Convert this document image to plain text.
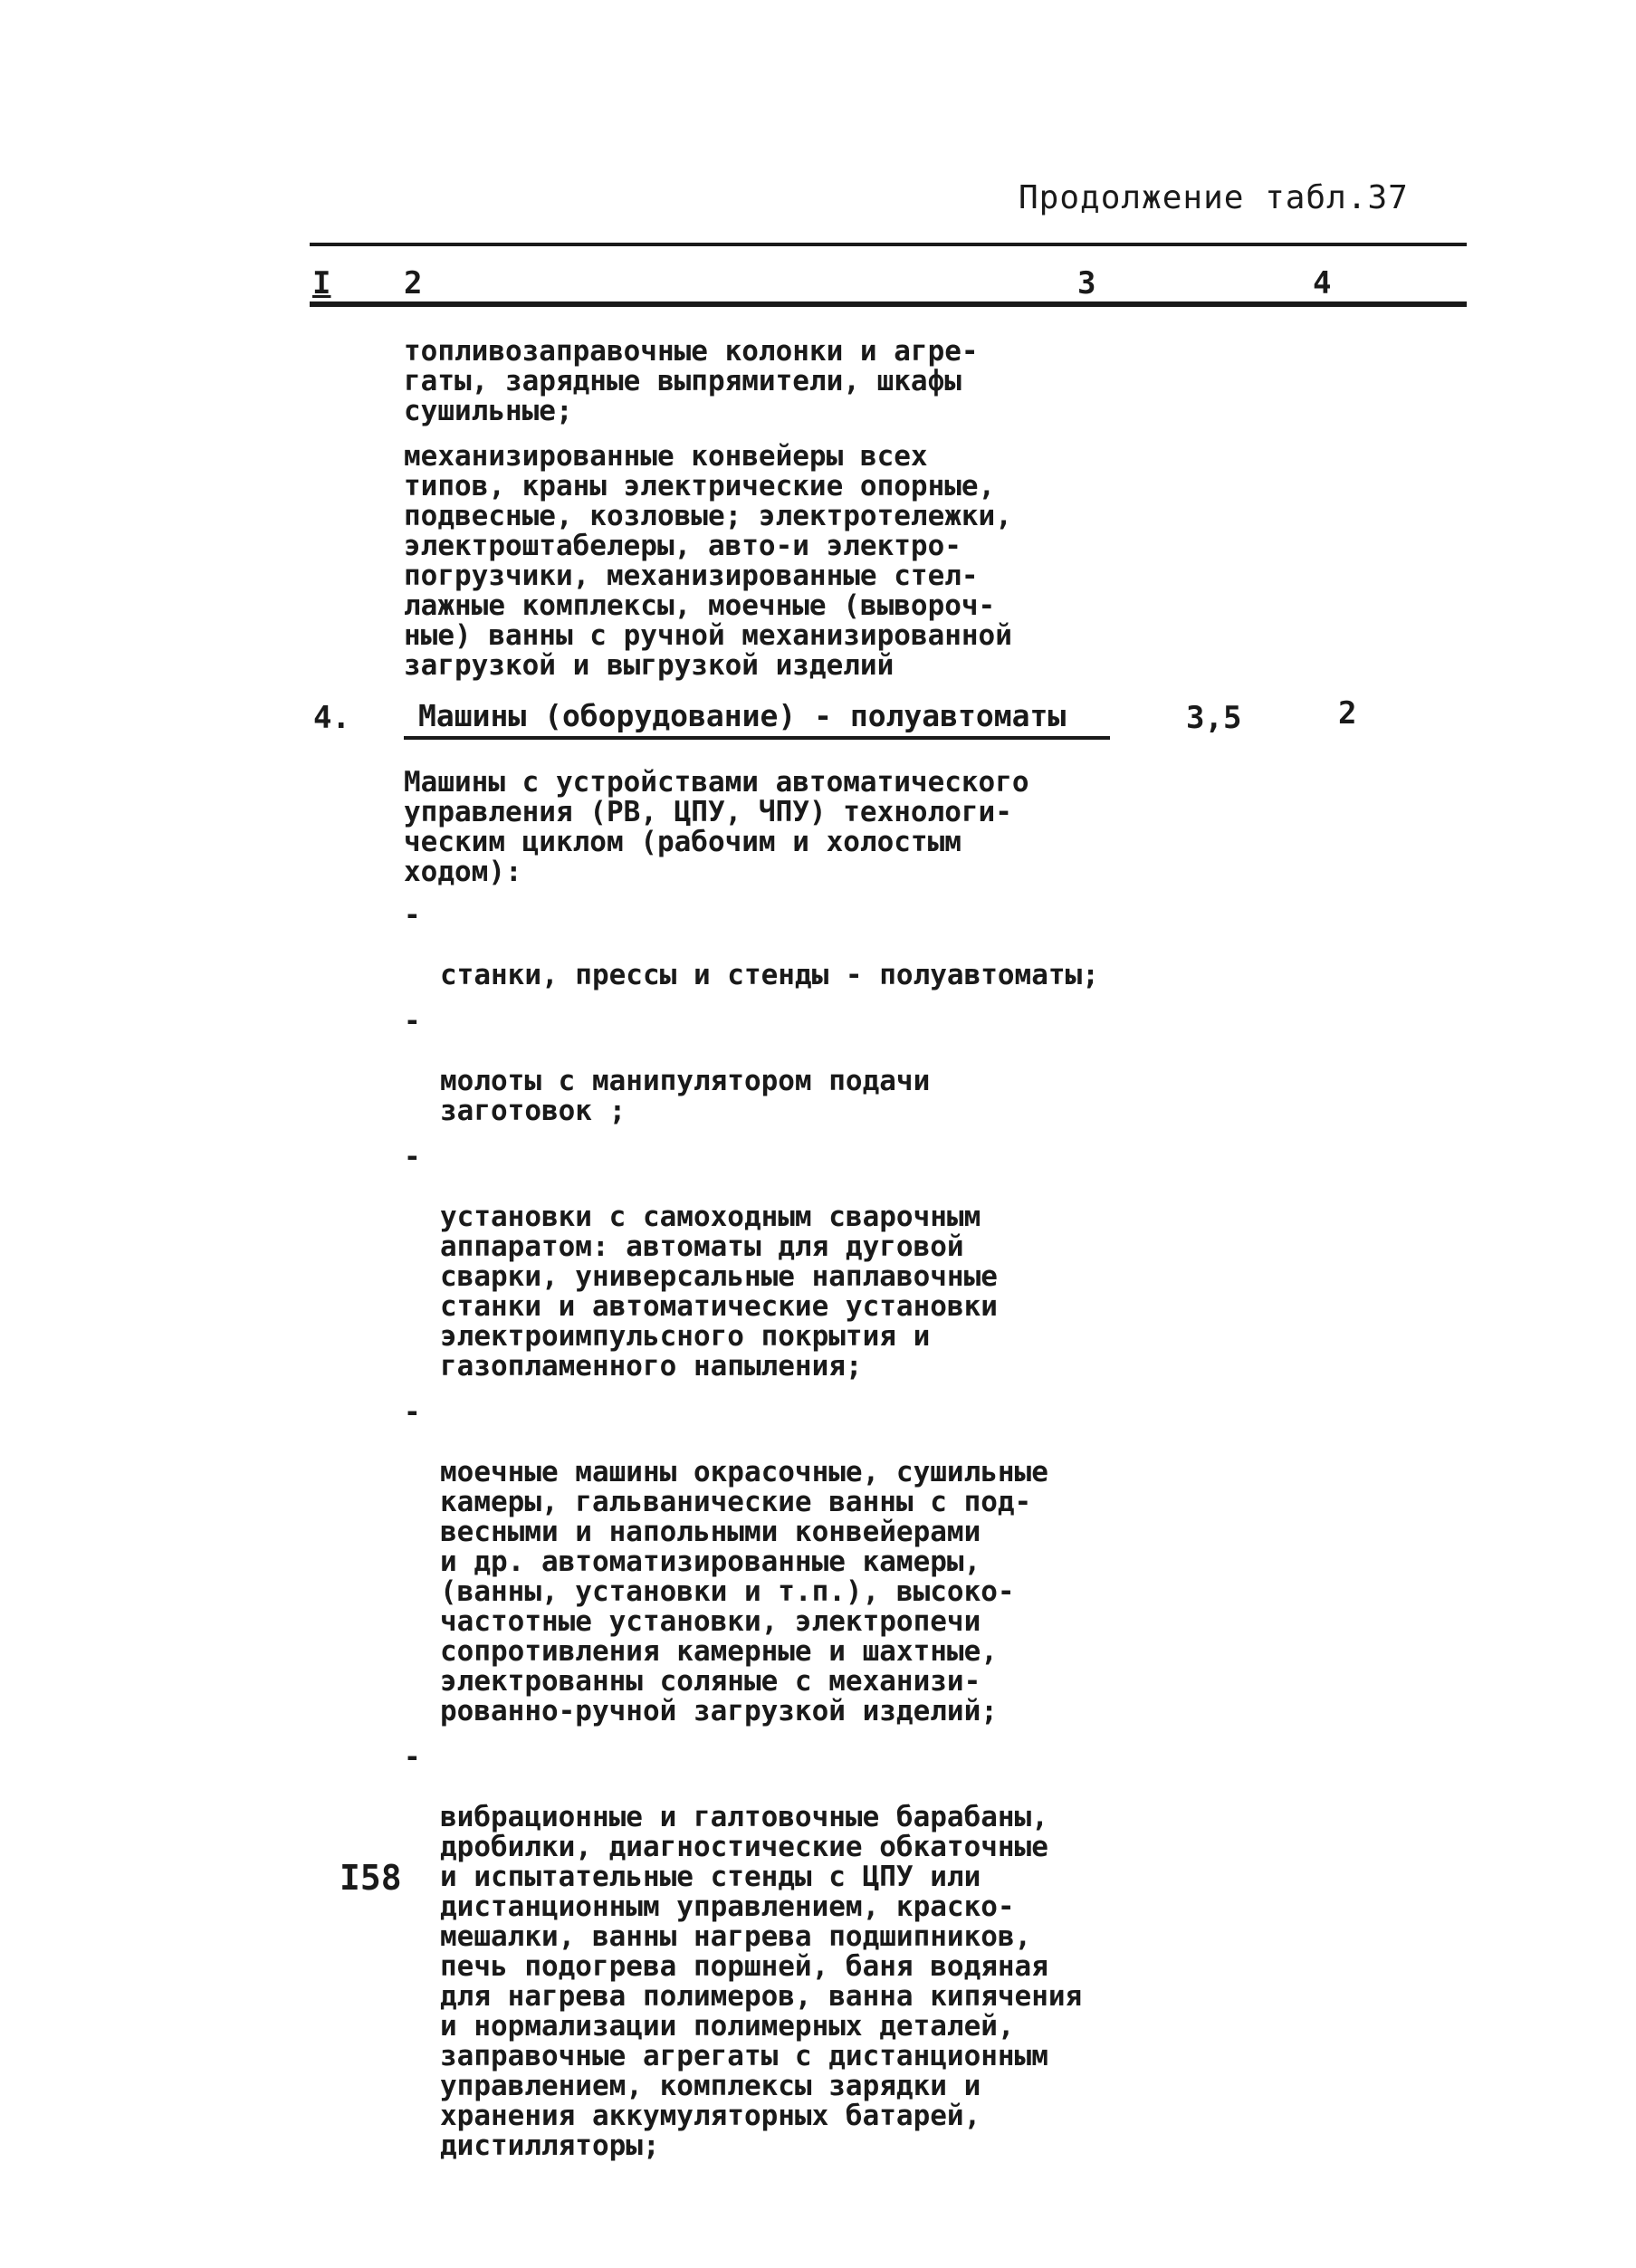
Продолжение табл.37
I 2	3	4
топливозаправочные колонки и агре-
гаты, зарядные выпрямители, шкафы
сушильные;
механизированные конвейеры всех
типов, краны электрические опорные,
подвесные, козловые; электротележки,
электроштабелеры, авто-и электро-
погрузчики, механизированные стел-
лажные комплексы, моечные (выворoч-
ные) ванны с ручной механизированной
загрузкой и выгрузкой изделий
4.	Машины (оборудование) - полуавтоматы	3,5	2
Машины с устройствами автоматического
управления (РВ, ЦПУ, ЧПУ) технологи-
ческим циклом (рабочим и холостым
ходом):

-

станки, прессы и стенды - полуавтоматы;

-

молоты с манипулятором подачи
заготовок ;

-

установки с самоходным сварочным
аппаратом: автоматы для дуговой
сварки, универсальные наплавочные
станки и автоматические установки
электроимпульсного покрытия и
газопламенного напыления;

-

моечные машины окрасочные, сушильные
камеры, гальванические ванны с под-
весными и напольными конвейерами
и др. автоматизированные камеры,
(ванны, установки и т.п.), высоко-
частотные установки, электропечи
сопротивления камерные и шахтные,
электрованны соляные с механизи-
рованно-ручной загрузкой изделий;

-

вибрационные и галтовочные барабаны,
дробилки, диагностические обкаточные
и испытательные стенды с ЦПУ или
дистанционным управлением, краско-
мешалки, ванны нагрева подшипников,
печь подогрева поршней, баня водяная
для нагрева полимеров, ванна кипячения
и нормализации полимерных деталей,
заправочные агрегаты с дистанционным
управлением, комплексы зарядки и
хранения аккумуляторных батарей,
дистилляторы;

I58
